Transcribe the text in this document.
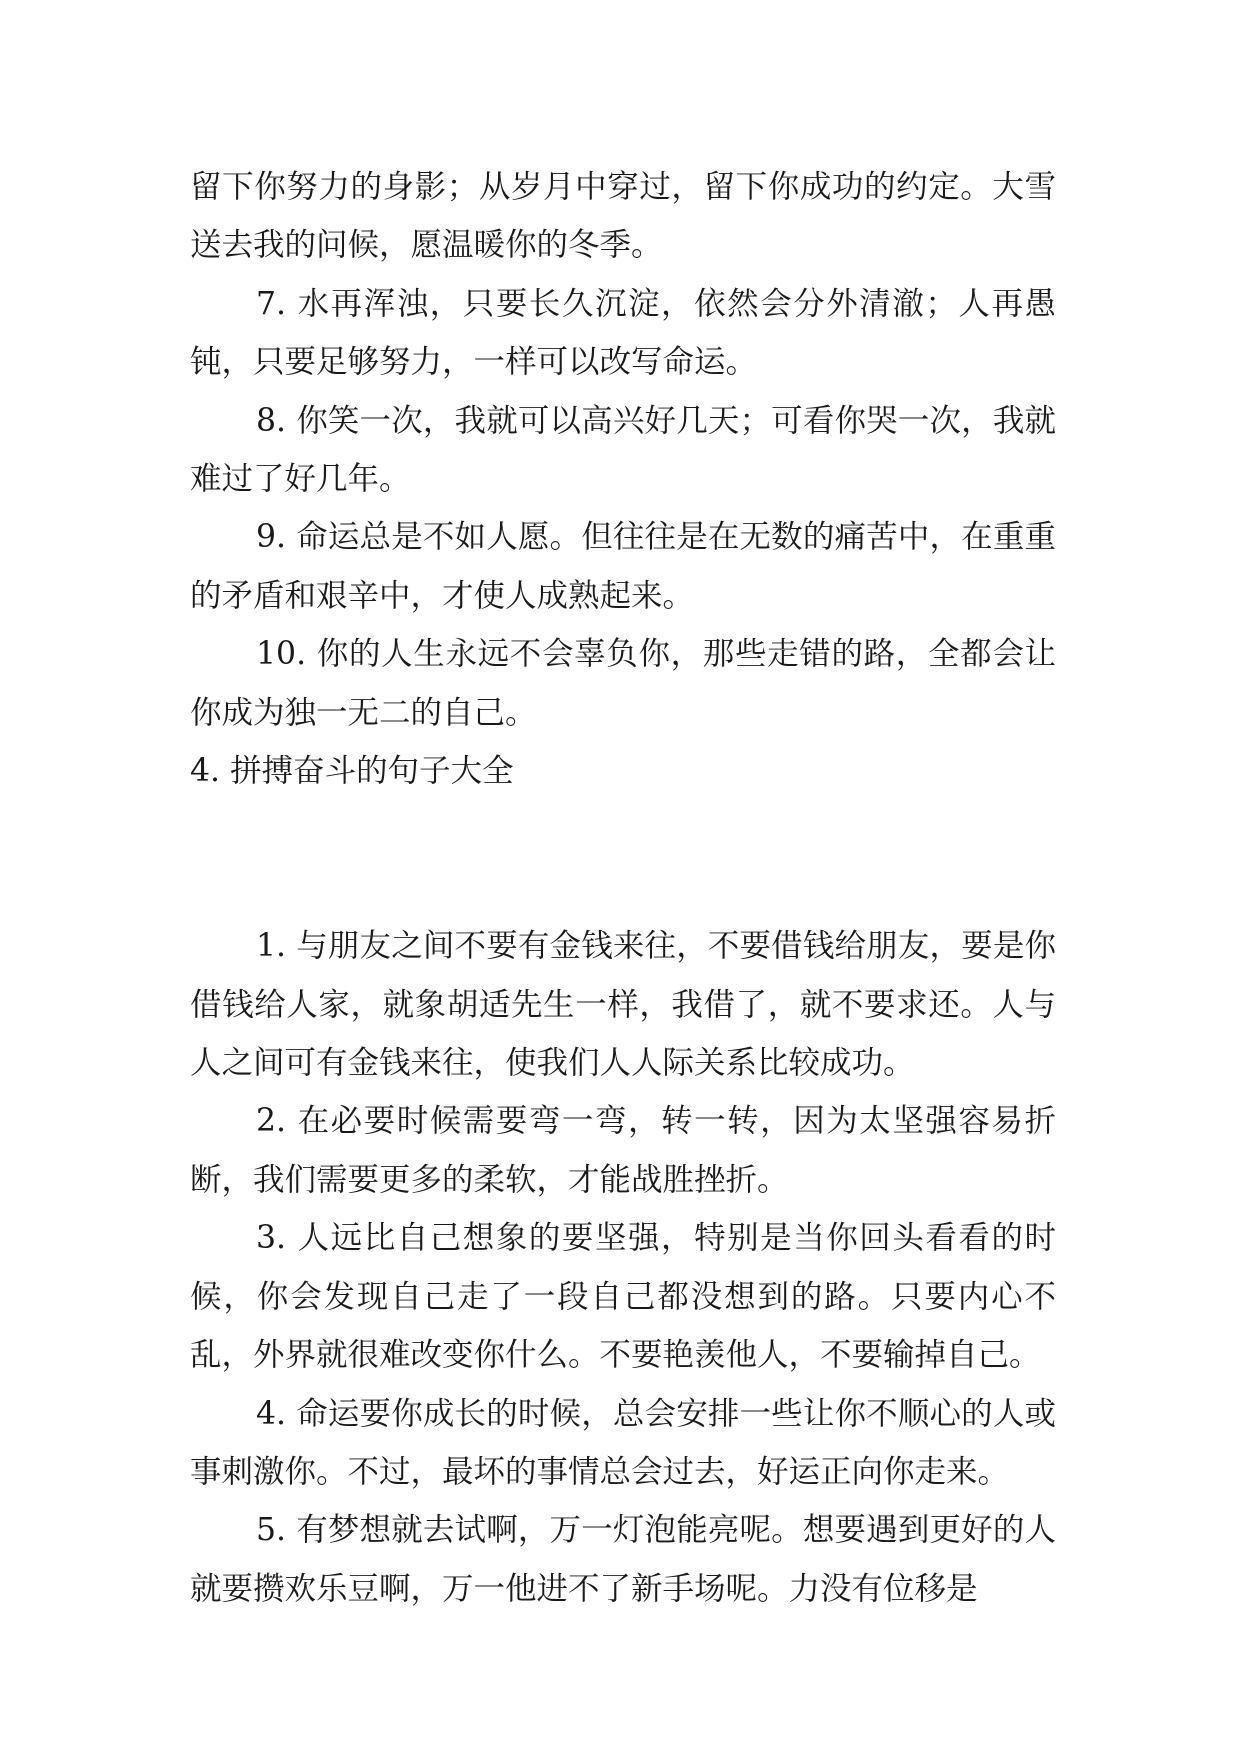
留下你努力的身影；从岁月中穿过，留下你成功的约定。大雪送去我的问候，愿温暖你的冬季。

7. 水再浑浊，只要长久沉淀，依然会分外清澈；人再愚钝，只要足够努力，一样可以改写命运。

8. 你笑一次，我就可以高兴好几天；可看你哭一次，我就难过了好几年。

9. 命运总是不如人愿。但往往是在无数的痛苦中，在重重的矛盾和艰辛中，才使人成熟起来。

10. 你的人生永远不会辜负你，那些走错的路，全都会让你成为独一无二的自己。

4. 拼搏奋斗的句子大全

1. 与朋友之间不要有金钱来往，不要借钱给朋友，要是你借钱给人家，就象胡适先生一样，我借了，就不要求还。人与人之间可有金钱来往，使我们人人际关系比较成功。

2. 在必要时候需要弯一弯，转一转，因为太坚强容易折断，我们需要更多的柔软，才能战胜挫折。

3. 人远比自己想象的要坚强，特别是当你回头看看的时候，你会发现自己走了一段自己都没想到的路。只要内心不乱，外界就很难改变你什么。不要艳羡他人，不要输掉自己。

4. 命运要你成长的时候，总会安排一些让你不顺心的人或事刺激你。不过，最坏的事情总会过去，好运正向你走来。

5. 有梦想就去试啊，万一灯泡能亮呢。想要遇到更好的人就要攒欢乐豆啊，万一他进不了新手场呢。力没有位移是
